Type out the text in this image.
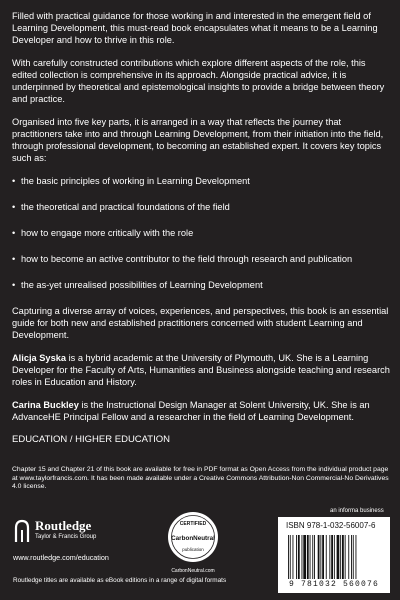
Filled with practical guidance for those working in and interested in the emergent field of Learning Development, this must-read book encapsulates what it means to be a Learning Developer and how to thrive in this role.

With carefully constructed contributions which explore different aspects of the role, this edited collection is comprehensive in its approach. Alongside practical advice, it is underpinned by theoretical and epistemological insights to provide a bridge between theory and practice.

Organised into five key parts, it is arranged in a way that reflects the journey that practitioners take into and through Learning Development, from their initiation into the field, through professional development, to becoming an established expert. It covers key topics such as:

• the basic principles of working in Learning Development
• the theoretical and practical foundations of the field
• how to engage more critically with the role
• how to become an active contributor to the field through research and publication
• the as-yet unrealised possibilities of Learning Development

Capturing a diverse array of voices, experiences, and perspectives, this book is an essential guide for both new and established practitioners concerned with student Learning and Development.

Alicja Syska is a hybrid academic at the University of Plymouth, UK. She is a Learning Developer for the Faculty of Arts, Humanities and Business alongside teaching and research roles in Education and History.

Carina Buckley is the Instructional Design Manager at Solent University, UK. She is an AdvanceHE Principal Fellow and a researcher in the field of Learning Development.

EDUCATION / HIGHER EDUCATION

Chapter 15 and Chapter 21 of this book are available for free in PDF format as Open Access from the individual product page at www.taylorfrancis.com. It has been made available under a Creative Commons Attribution-Non Commercial-No Derivatives 4.0 license.
Routledge
Taylor & Francis Group
www.routledge.com/education
Routledge titles are available as eBook editions in a range of digital formats
CERTIFIED
CarbonNeutral
publication
CarbonNeutral.com
an informa business
ISBN 978-1-032-56007-6
9 781032 560076
